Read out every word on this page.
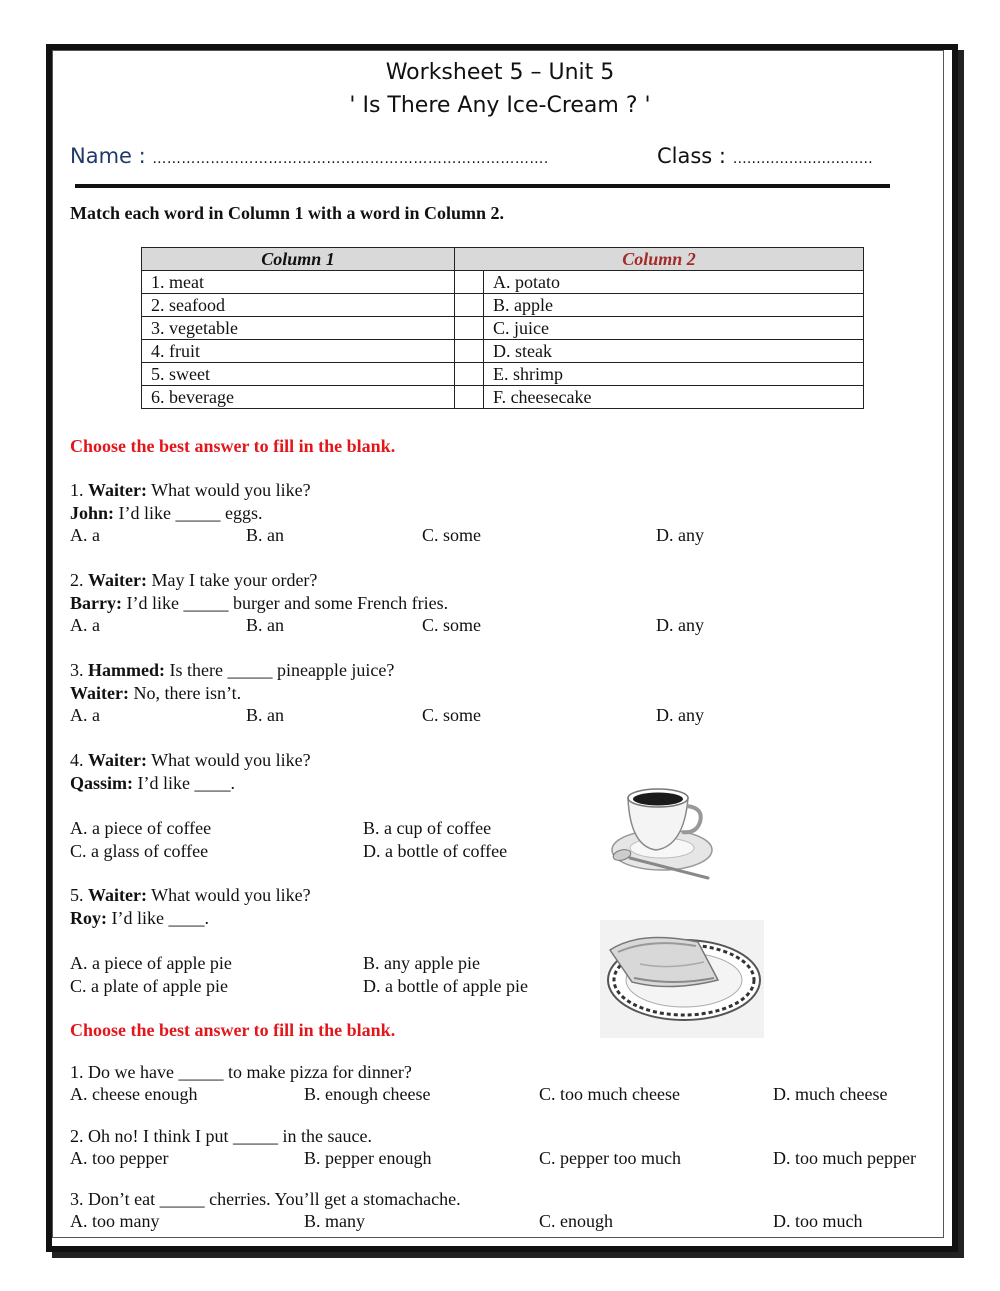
Worksheet 5 – Unit 5
' Is There Any Ice-Cream ? '
Name : ……………………………………………………………………….	Class : …………………………
Match each word in Column 1 with a word in Column 2.
Column 1	Column 2	
1. meat		A. potato
2. seafood		B. apple
3. vegetable		C. juice
4. fruit		D. steak
5. sweet		E. shrimp
6. beverage		F. cheesecake
Choose the best answer to fill in the blank.
1. Waiter: What would you like?
John: I’d like _____ eggs.
A. a	B. an	C. some	D. any
2. Waiter: May I take your order?
Barry: I’d like _____ burger and some French fries.
A. a	B. an	C. some	D. any
3. Hammed: Is there _____ pineapple juice?
Waiter: No, there isn’t.
A. a	B. an	C. some	D. any
4. Waiter: What would you like?
Qassim: I’d like ____.
A. a piece of coffee	B. a cup of coffee
C. a glass of coffee	D. a bottle of coffee
5. Waiter: What would you like?
Roy: I’d like ____.
A. a piece of apple pie	B. any apple pie
C. a plate of apple pie	D. a bottle of apple pie
Choose the best answer to fill in the blank.
1. Do we have _____ to make pizza for dinner?
A. cheese enough	B. enough cheese	C. too much cheese	D. much cheese
2. Oh no! I think I put _____ in the sauce.
A. too pepper	B. pepper enough	C. pepper too much	D. too much pepper
3. Don’t eat _____ cherries. You’ll get a stomachache.
A. too many	B. many	C. enough	D. too much
